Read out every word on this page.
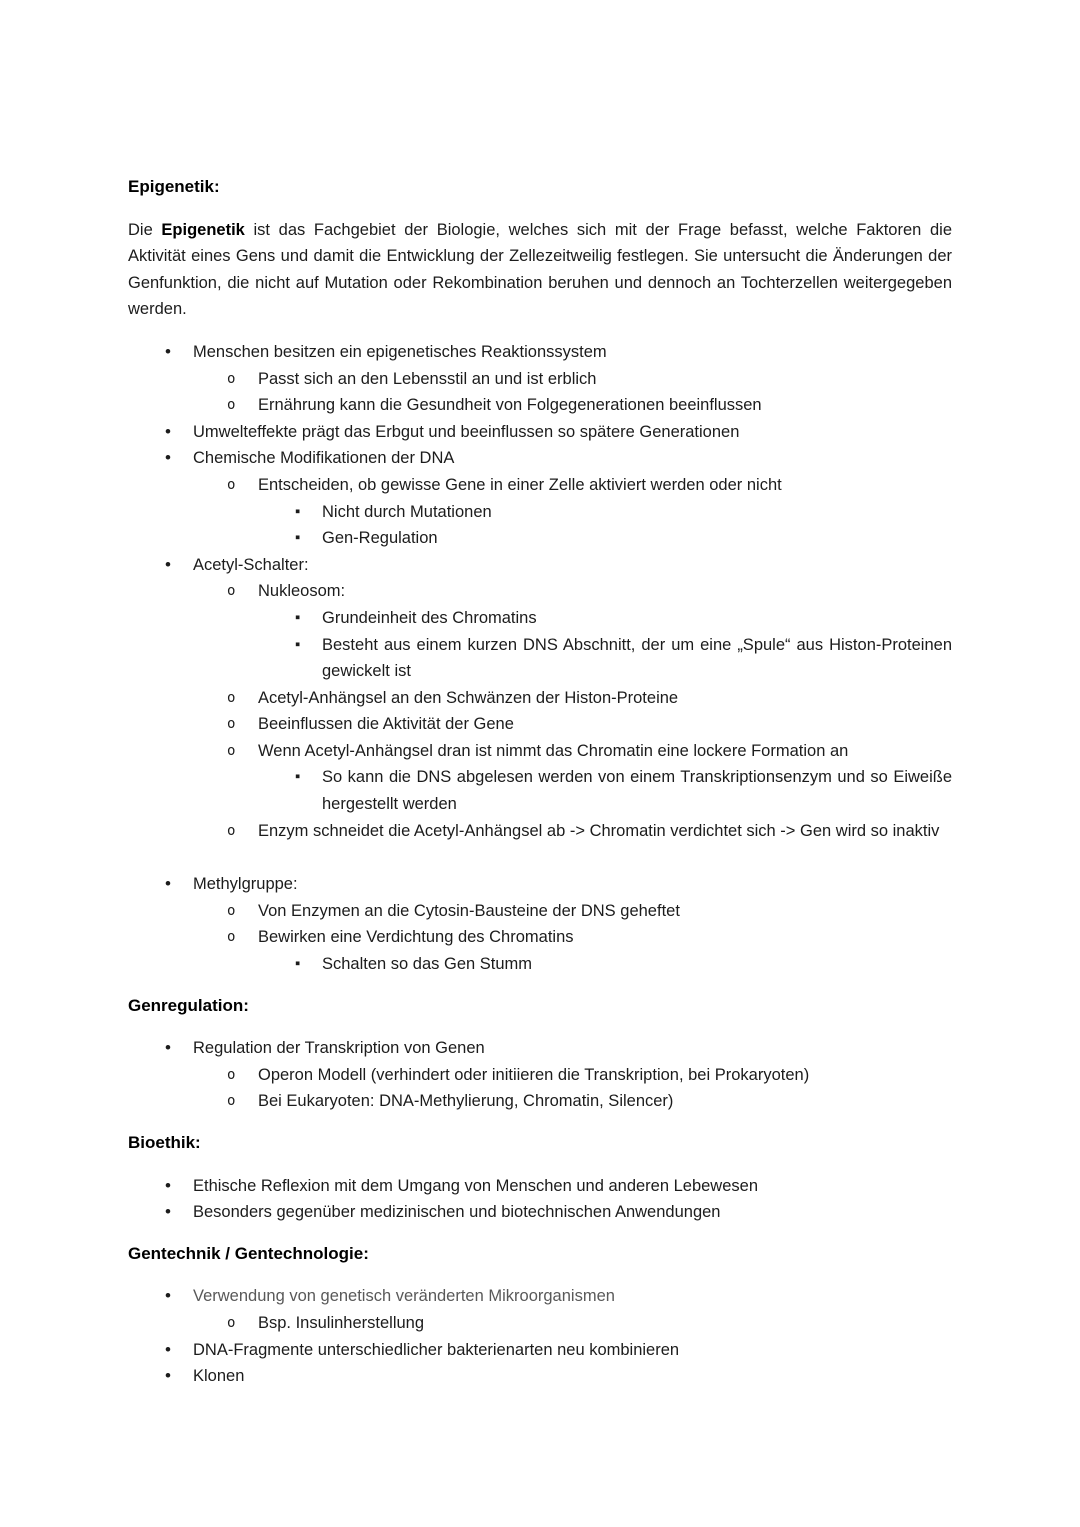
Epigenetik:

Die Epigenetik ist das Fachgebiet der Biologie, welches sich mit der Frage befasst, welche Faktoren die Aktivität eines Gens und damit die Entwicklung der Zellezeitweilig festlegen. Sie untersucht die Änderungen der Genfunktion, die nicht auf Mutation oder Rekombination beruhen und dennoch an Tochterzellen weitergegeben werden.

• Menschen besitzen ein epigenetisches Reaktionssystem
o Passt sich an den Lebensstil an und ist erblich
o Ernährung kann die Gesundheit von Folgegenerationen beeinflussen
• Umwelteffekte prägt das Erbgut und beeinflussen so spätere Generationen
• Chemische Modifikationen der DNA
o Entscheiden, ob gewisse Gene in einer Zelle aktiviert werden oder nicht
▪ Nicht durch Mutationen
▪ Gen-Regulation
• Acetyl-Schalter:
o Nukleosom:
▪ Grundeinheit des Chromatins
▪ Besteht aus einem kurzen DNS Abschnitt, der um eine „Spule“ aus Histon-Proteinen gewickelt ist
o Acetyl-Anhängsel an den Schwänzen der Histon-Proteine
o Beeinflussen die Aktivität der Gene
o Wenn Acetyl-Anhängsel dran ist nimmt das Chromatin eine lockere Formation an
▪ So kann die DNS abgelesen werden von einem Transkriptionsenzym und so Eiweiße hergestellt werden
o Enzym schneidet die Acetyl-Anhängsel ab -> Chromatin verdichtet sich -> Gen wird so inaktiv
• Methylgruppe:
o Von Enzymen an die Cytosin-Bausteine der DNS geheftet
o Bewirken eine Verdichtung des Chromatins
▪ Schalten so das Gen Stumm
Genregulation:
• Regulation der Transkription von Genen
o Operon Modell (verhindert oder initiieren die Transkription, bei Prokaryoten)
o Bei Eukaryoten: DNA-Methylierung, Chromatin, Silencer)
Bioethik:
• Ethische Reflexion mit dem Umgang von Menschen und anderen Lebewesen
• Besonders gegenüber medizinischen und biotechnischen Anwendungen
Gentechnik / Gentechnologie:
• Verwendung von genetisch veränderten Mikroorganismen
o Bsp. Insulinherstellung
• DNA-Fragmente unterschiedlicher bakterienarten neu kombinieren
• Klonen
